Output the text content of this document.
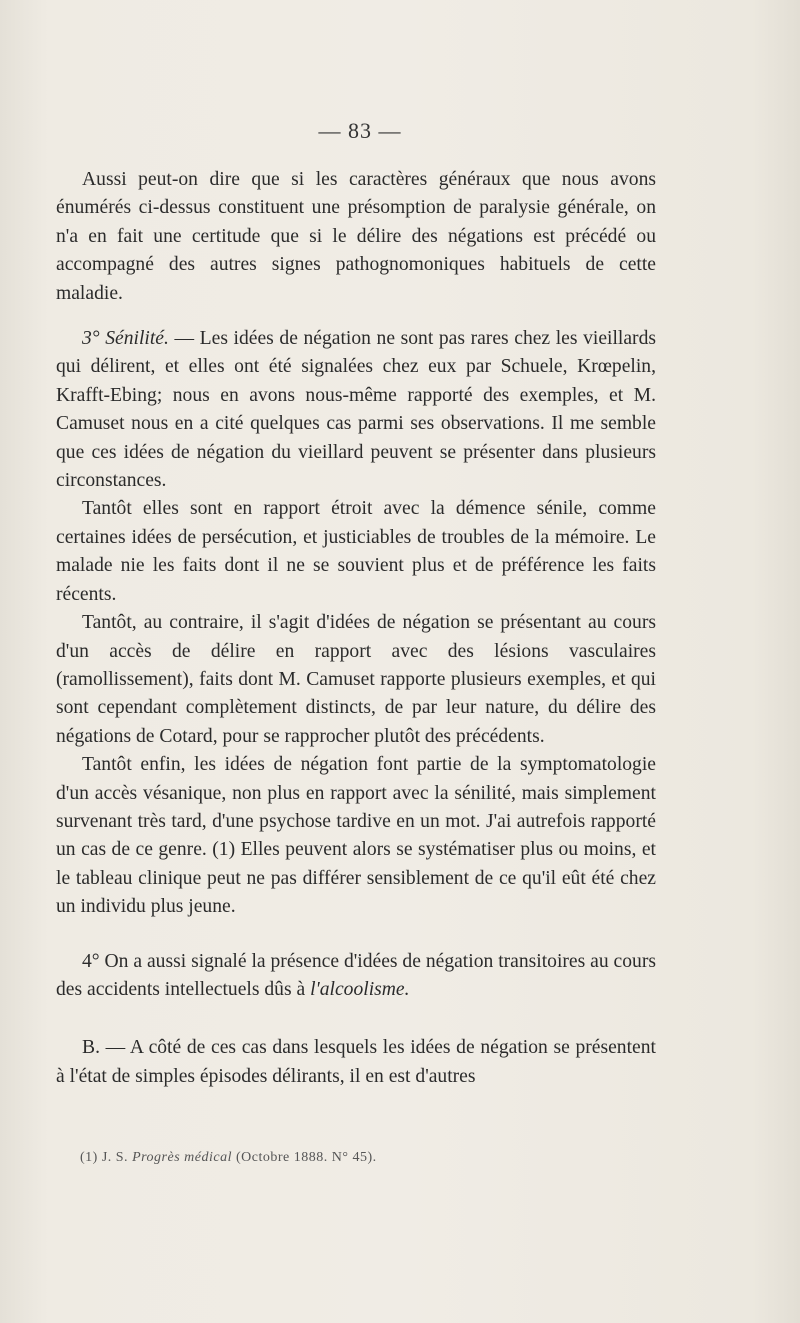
— 83 —

Aussi peut-on dire que si les caractères généraux que nous avons énumérés ci-dessus constituent une présomption de paralysie générale, on n'a en fait une certitude que si le délire des négations est précédé ou accompagné des autres signes pathognomoniques habituels de cette maladie.

3° Sénilité. — Les idées de négation ne sont pas rares chez les vieillards qui délirent, et elles ont été signalées chez eux par Schuele, Krœpelin, Krafft-Ebing; nous en avons nous-même rapporté des exemples, et M. Camuset nous en a cité quelques cas parmi ses observations. Il me semble que ces idées de négation du vieillard peuvent se présenter dans plusieurs circonstances.

Tantôt elles sont en rapport étroit avec la démence sénile, comme certaines idées de persécution, et justiciables de troubles de la mémoire. Le malade nie les faits dont il ne se souvient plus et de préférence les faits récents.

Tantôt, au contraire, il s'agit d'idées de négation se présentant au cours d'un accès de délire en rapport avec des lésions vasculaires (ramollissement), faits dont M. Camuset rapporte plusieurs exemples, et qui sont cependant complètement distincts, de par leur nature, du délire des négations de Cotard, pour se rapprocher plutôt des précédents.

Tantôt enfin, les idées de négation font partie de la symptomatologie d'un accès vésanique, non plus en rapport avec la sénilité, mais simplement survenant très tard, d'une psychose tardive en un mot. J'ai autrefois rapporté un cas de ce genre. (1) Elles peuvent alors se systématiser plus ou moins, et le tableau clinique peut ne pas différer sensiblement de ce qu'il eût été chez un individu plus jeune.

4° On a aussi signalé la présence d'idées de négation transitoires au cours des accidents intellectuels dûs à l'alcoolisme.

B. — A côté de ces cas dans lesquels les idées de négation se présentent à l'état de simples épisodes délirants, il en est d'autres

(1) J. S. Progrès médical (Octobre 1888. N° 45).
